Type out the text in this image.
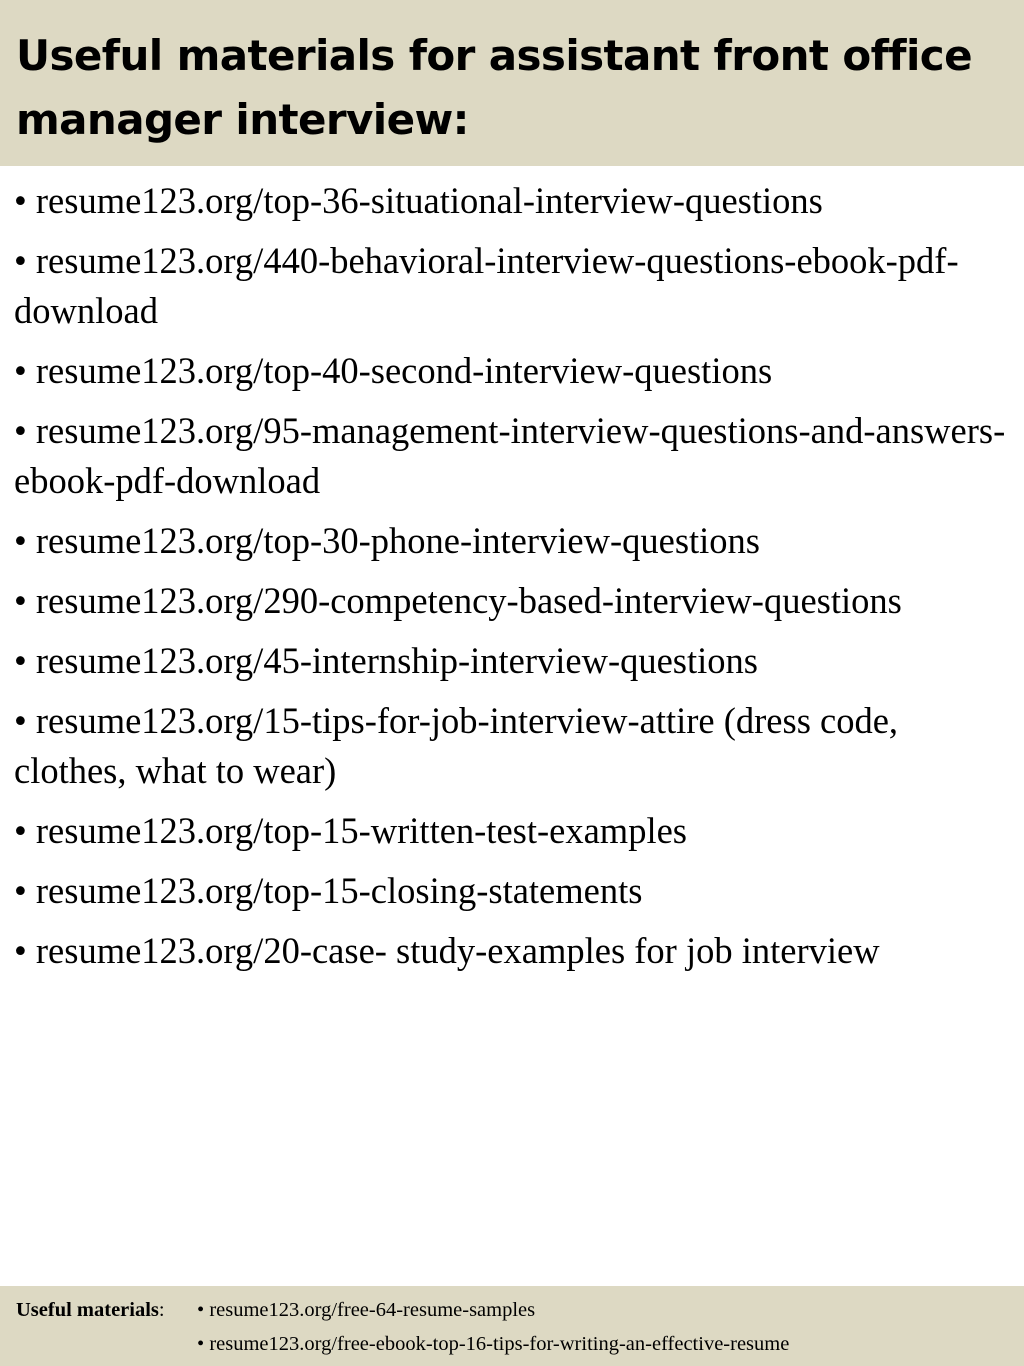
Useful materials for assistant front office manager interview:
• resume123.org/top-36-situational-interview-questions
• resume123.org/440-behavioral-interview-questions-ebook-pdf-download
• resume123.org/top-40-second-interview-questions
• resume123.org/95-management-interview-questions-and-answers-ebook-pdf-download
• resume123.org/top-30-phone-interview-questions
• resume123.org/290-competency-based-interview-questions
• resume123.org/45-internship-interview-questions
• resume123.org/15-tips-for-job-interview-attire (dress code, clothes, what to wear)
• resume123.org/top-15-written-test-examples
• resume123.org/top-15-closing-statements
• resume123.org/20-case- study-examples for job interview
Useful materials: • resume123.org/free-64-resume-samples
• resume123.org/free-ebook-top-16-tips-for-writing-an-effective-resume
